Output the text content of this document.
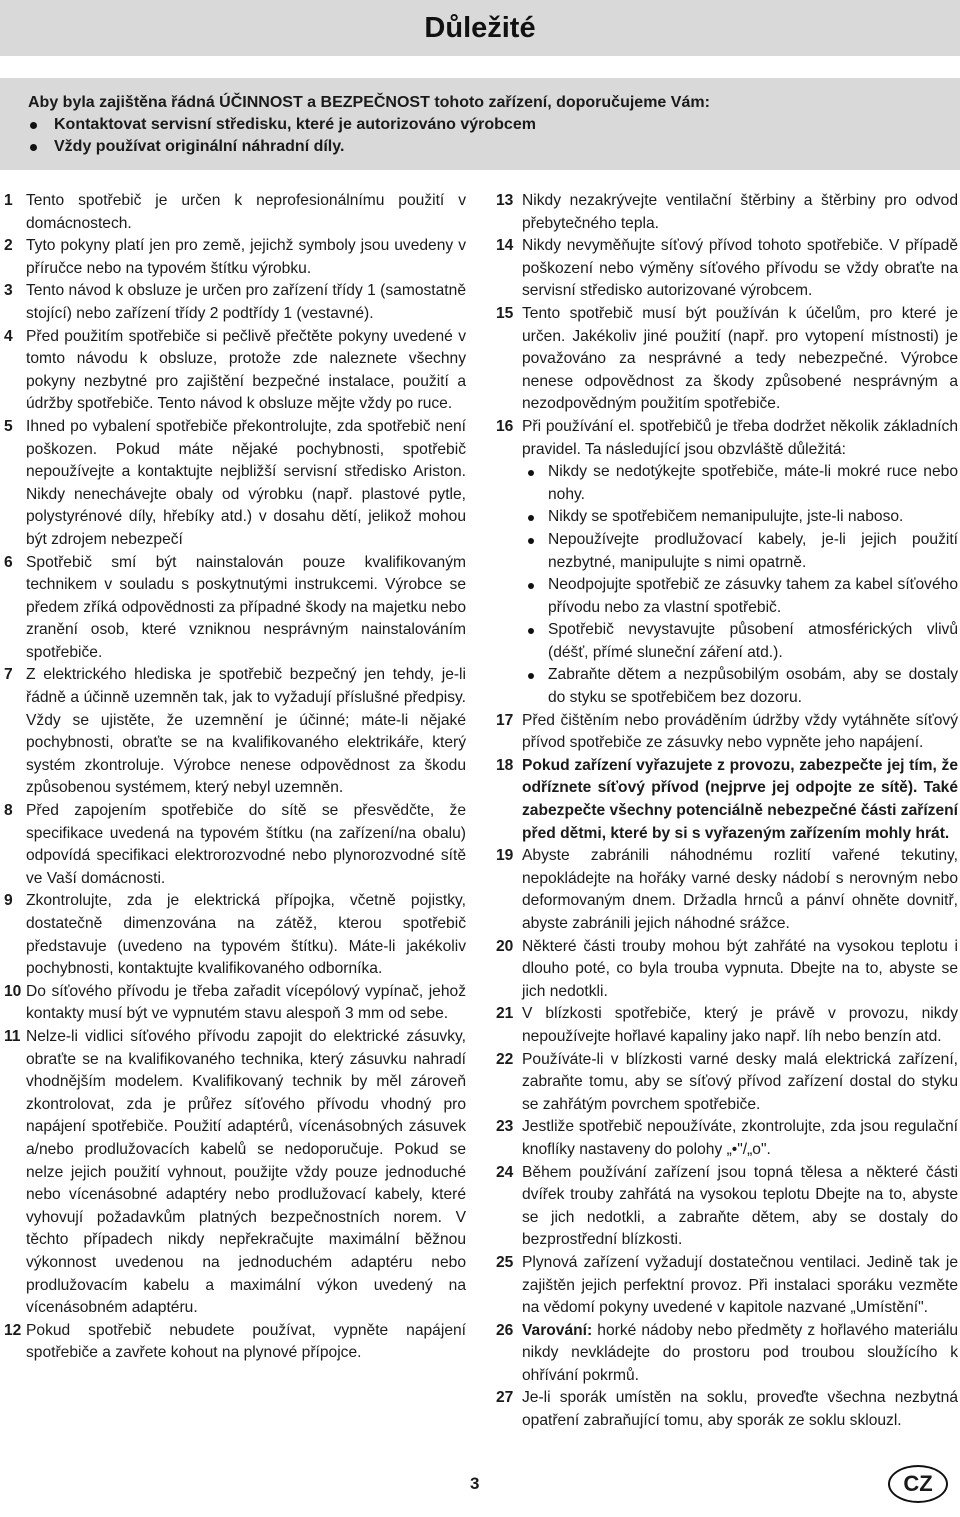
Důležité
Aby byla zajištěna řádná ÚČINNOST a BEZPEČNOST tohoto zařízení, doporučujeme Vám:
Kontaktovat servisní středisku, které je autorizováno výrobcem
Vždy používat originální náhradní díly.
1 Tento spotřebič je určen k neprofesionálnímu použití v domácnostech.
2 Tyto pokyny platí jen pro země, jejichž symboly jsou uvedeny v příručce nebo na typovém štítku výrobku.
3 Tento návod k obsluze je určen pro zařízení třídy 1 (samostatně stojící) nebo zařízení třídy 2 podtřídy 1 (vestavné).
4 Před použitím spotřebiče si pečlivě přečtěte pokyny uvedené v tomto návodu k obsluze, protože zde naleznete všechny pokyny nezbytné pro zajištění bezpečné instalace, použití a údržby spotřebiče. Tento návod k obsluze mějte vždy po ruce.
5 Ihned po vybalení spotřebiče překontrolujte, zda spotřebič není poškozen. Pokud máte nějaké pochybnosti, spotřebič nepoužívejte a kontaktujte nejbližší servisní středisko Ariston. Nikdy nenechávejte obaly od výrobku (např. plastové pytle, polystyrénové díly, hřebíky atd.) v dosahu dětí, jelikož mohou být zdrojem nebezpečí
6 Spotřebič smí být nainstalován pouze kvalifikovaným technikem v souladu s poskytnutými instrukcemi. Výrobce se předem zříká odpovědnosti za případné škody na majetku nebo zranění osob, které vzniknou nesprávným nainstalováním spotřebiče.
7 Z elektrického hlediska je spotřebič bezpečný jen tehdy, je-li řádně a účinně uzemněn tak, jak to vyžadují příslušné předpisy. Vždy se ujistěte, že uzemnění je účinné; máte-li nějaké pochybnosti, obraťte se na kvalifikovaného elektrikáře, který systém zkontroluje. Výrobce nenese odpovědnost za škodu způsobenou systémem, který nebyl uzemněn.
8 Před zapojením spotřebiče do sítě se přesvědčte, že specifikace uvedená na typovém štítku (na zařízení/na obalu) odpovídá specifikaci elektrorozvodné nebo plynorozvodné sítě ve Vaší domácnosti.
9 Zkontrolujte, zda je elektrická přípojka, včetně pojistky, dostatečně dimenzována na zátěž, kterou spotřebič představuje (uvedeno na typovém štítku). Máte-li jakékoliv pochybnosti, kontaktujte kvalifikovaného odborníka.
10 Do síťového přívodu je třeba zařadit vícepólový vypínač, jehož kontakty musí být ve vypnutém stavu alespoň 3 mm od sebe.
11 Nelze-li vidlici síťového přívodu zapojit do elektrické zásuvky, obraťte se na kvalifikovaného technika, který zásuvku nahradí vhodnějším modelem. Kvalifikovaný technik by měl zároveň zkontrolovat, zda je průřez síťového přívodu vhodný pro napájení spotřebiče. Použití adaptérů, vícenásobných zásuvek a/nebo prodlužovacích kabelů se nedoporučuje. Pokud se nelze jejich použití vyhnout, použijte vždy pouze jednoduché nebo vícenásobné adaptéry nebo prodlužovací kabely, které vyhovují požadavkům platných bezpečnostních norem. V těchto případech nikdy nepřekračujte maximální běžnou výkonnost uvedenou na jednoduchém adaptéru nebo prodlužovacím kabelu a maximální výkon uvedený na vícenásobném adaptéru.
12 Pokud spotřebič nebudete používat, vypněte napájení spotřebiče a zavřete kohout na plynové přípojce.
13 Nikdy nezakrývejte ventilační štěrbiny a štěrbiny pro odvod přebytečného tepla.
14 Nikdy nevyměňujte síťový přívod tohoto spotřebiče. V případě poškození nebo výměny síťového přívodu se vždy obraťte na servisní středisko autorizované výrobcem.
15 Tento spotřebič musí být používán k účelům, pro které je určen. Jakékoliv jiné použití (např. pro vytopení místnosti) je považováno za nesprávné a tedy nebezpečné. Výrobce nenese odpovědnost za škody způsobené nesprávným a nezodpovědným použitím spotřebiče.
16 Při používání el. spotřebičů je třeba dodržet několik základních pravidel. Ta následující jsou obzvláště důležitá:
Nikdy se nedotýkejte spotřebiče, máte-li mokré ruce nebo nohy.
Nikdy se spotřebičem nemanipulujte, jste-li naboso.
Nepoužívejte prodlužovací kabely, je-li jejich použití nezbytné, manipulujte s nimi opatrně.
Neodpojujte spotřebič ze zásuvky tahem za kabel síťového přívodu nebo za vlastní spotřebič.
Spotřebič nevystavujte působení atmosférických vlivů (déšť, přímé sluneční záření atd.).
Zabraňte dětem a nezpůsobilým osobám, aby se dostaly do styku se spotřebičem bez dozoru.
17 Před čištěním nebo prováděním údržby vždy vytáhněte síťový přívod spotřebiče ze zásuvky nebo vypněte jeho napájení.
18 Pokud zařízení vyřazujete z provozu, zabezpečte jej tím, že odříznete síťový přívod (nejprve jej odpojte ze sítě). Také zabezpečte všechny potenciálně nebezpečné části zařízení před dětmi, které by si s vyřazeným zařízením mohly hrát.
19 Abyste zabránili náhodnému rozlití vařené tekutiny, nepokládejte na hořáky varné desky nádobí s nerovným nebo deformovaným dnem. Držadla hrnců a pánví ohněte dovnitř, abyste zabránili jejich náhodné srážce.
20 Některé části trouby mohou být zahřáté na vysokou teplotu i dlouho poté, co byla trouba vypnuta. Dbejte na to, abyste se jich nedotkli.
21 V blízkosti spotřebiče, který je právě v provozu, nikdy nepoužívejte hořlavé kapaliny jako např. líh nebo benzín atd.
22 Používáte-li v blízkosti varné desky malá elektrická zařízení, zabraňte tomu, aby se síťový přívod zařízení dostal do styku se zahřátým povrchem spotřebiče.
23 Jestliže spotřebič nepoužíváte, zkontrolujte, zda jsou regulační knoflíky nastaveny do polohy „•"/„o".
24 Během používání zařízení jsou topná tělesa a některé části dvířek trouby zahřátá na vysokou teplotu Dbejte na to, abyste se jich nedotkli, a zabraňte dětem, aby se dostaly do bezprostřední blízkosti.
25 Plynová zařízení vyžadují dostatečnou ventilaci. Jedině tak je zajištěn jejich perfektní provoz. Při instalaci sporáku vezměte na vědomí pokyny uvedené v kapitole nazvané „Umístění".
26 Varování: horké nádoby nebo předměty z hořlavého materiálu nikdy nevkládejte do prostoru pod troubou sloužícího k ohřívání pokrmů.
27 Je-li sporák umístěn na soklu, proveďte všechna nezbytná opatření zabraňující tomu, aby sporák ze soklu sklouzl.
3	CZ
